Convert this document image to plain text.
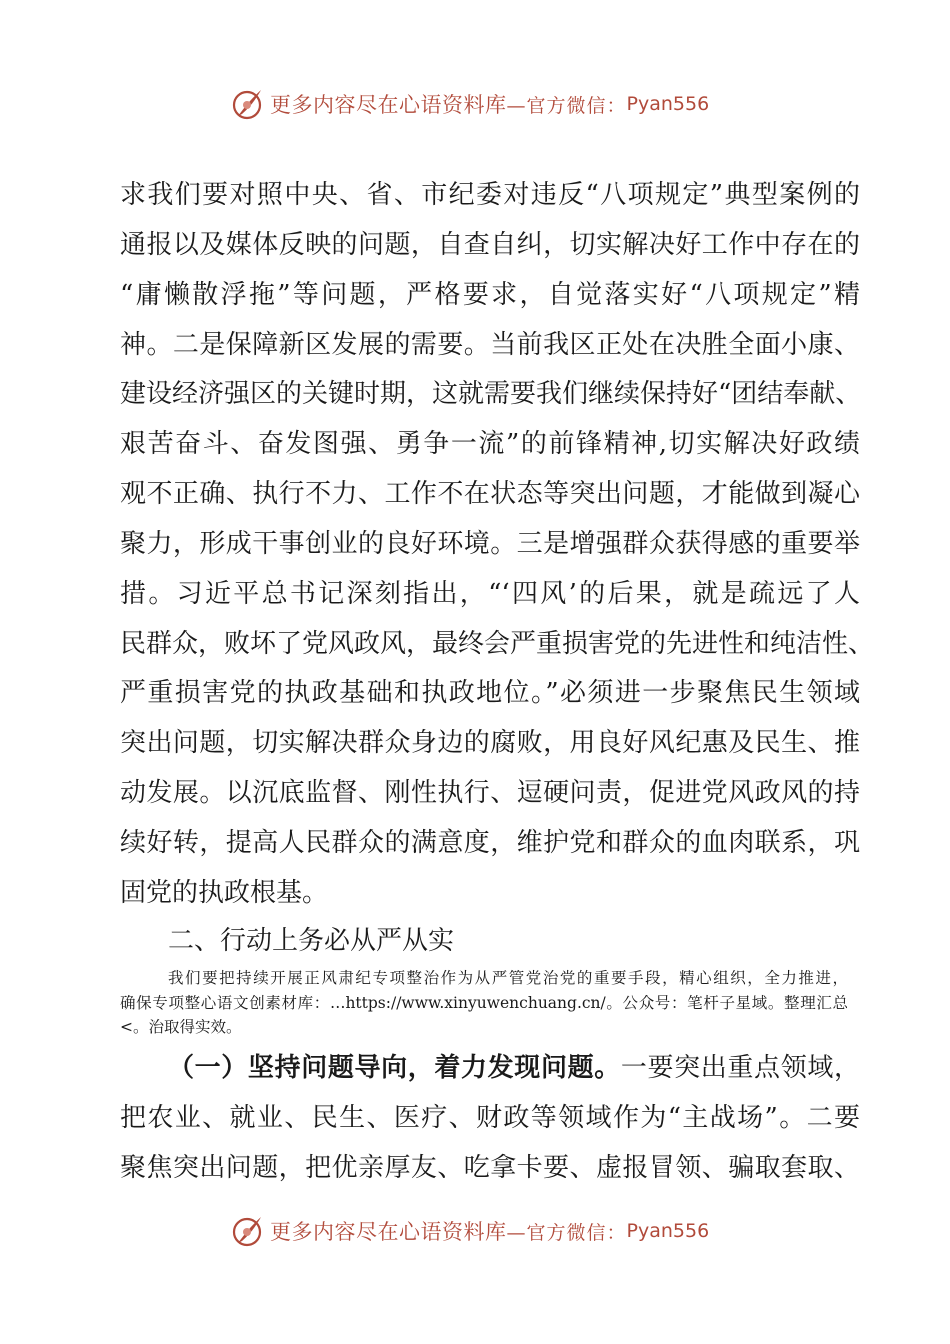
更多内容尽在心语资料库 —官方微信： Pyan556
求我们要对照中央、省、市纪委对违反“八项规定”典型案例的
通报以及媒体反映的问题，自查自纠，切实解决好工作中存在的
“庸懒散浮拖”等问题，严格要求，自觉落实好“八项规定”精
神。二是保障新区发展的需要。当前我区正处在决胜全面小康、
建设经济强区的关键时期，这就需要我们继续保持好“团结奉献、
艰苦奋斗、奋发图强、勇争一流”的前锋精神,切实解决好政绩
观不正确、执行不力、工作不在状态等突出问题，才能做到凝心
聚力，形成干事创业的良好环境。三是增强群众获得感的重要举
措。习近平总书记深刻指出，“‘四风’的后果，就是疏远了人
民群众，败坏了党风政风，最终会严重损害党的先进性和纯洁性、
严重损害党的执政基础和执政地位。”必须进一步聚焦民生领域
突出问题，切实解决群众身边的腐败，用良好风纪惠及民生、推
动发展。以沉底监督、刚性执行、逗硬问责，促进党风政风的持
续好转，提高人民群众的满意度，维护党和群众的血肉联系，巩
固党的执政根基。
二、行动上务必从严从实
我们要把持续开展正风肃纪专项整治作为从严管党治党的重要手段，精心组织，全力推进，
确保专项整心语文创素材库：…https://www.xinyuwenchuang.cn/。公众号：笔杆子星域。整理汇总
<。治取得实效。
（一）坚持问题导向，着力发现问题。一要突出重点领域，
把农业、就业、民生、医疗、财政等领域作为“主战场”。二要
聚焦突出问题，把优亲厚友、吃拿卡要、虚报冒领、骗取套取、
更多内容尽在心语资料库 —官方微信： Pyan556
